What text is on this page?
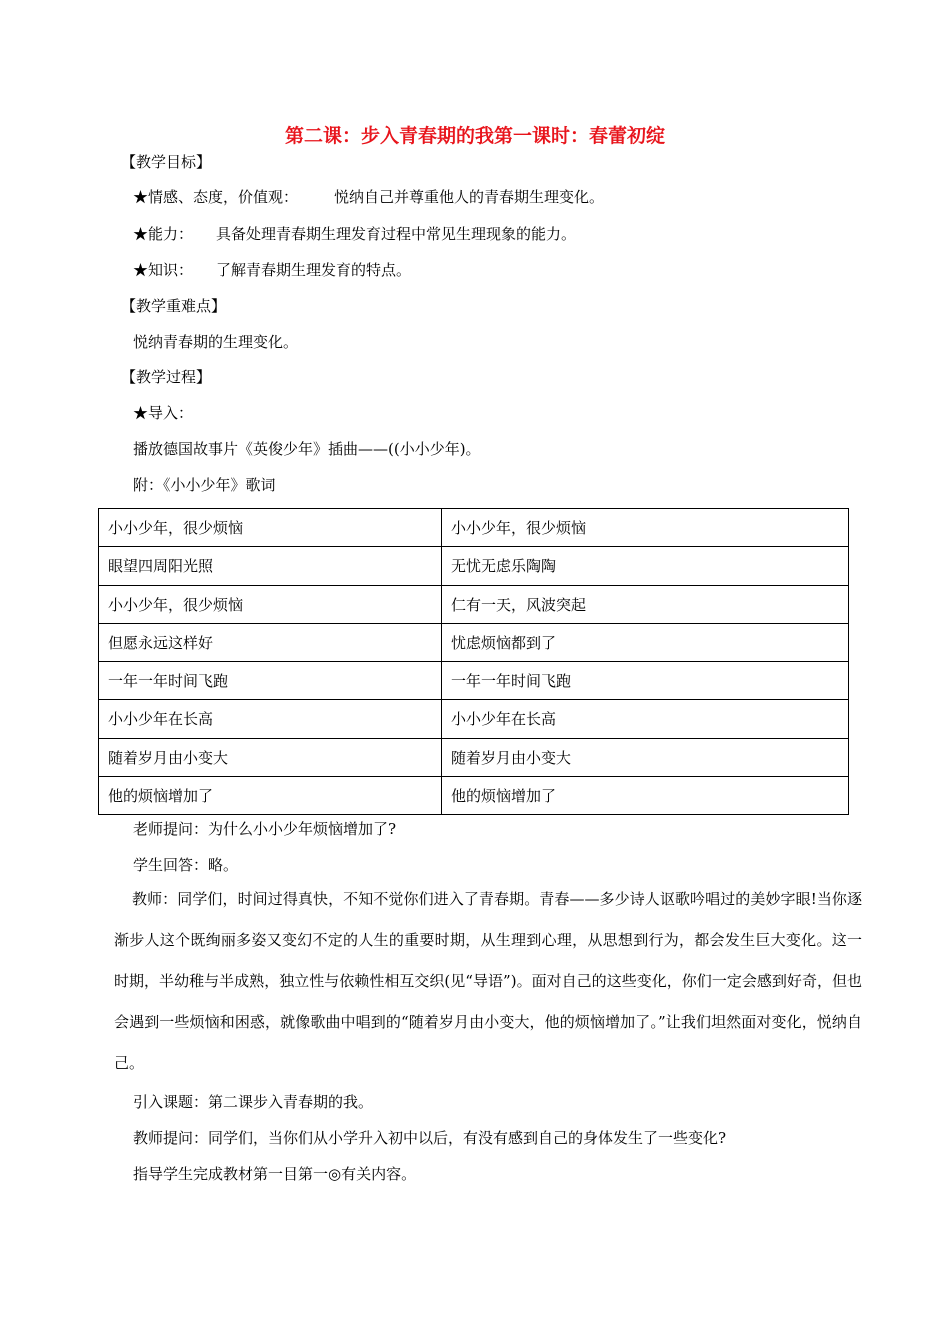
第二课：步入青春期的我第一课时：春蕾初绽
【教学目标】
★情感、态度，价值观： 悦纳自己并尊重他人的青春期生理变化。
★能力： 具备处理青春期生理发育过程中常见生理现象的能力。
★知识： 了解青春期生理发育的特点。
【教学重难点】
悦纳青春期的生理变化。
【教学过程】
★导入：
播放德国故事片《英俊少年》插曲——((小小少年)。
附：《小小少年》歌词
小小少年，很少烦恼	小小少年，很少烦恼
眼望四周阳光照	无忧无虑乐陶陶
小小少年，很少烦恼	仁有一天，风波突起
但愿永远这样好	忧虑烦恼都到了
一年一年时间飞跑	一年一年时间飞跑
小小少年在长高	小小少年在长高
随着岁月由小变大	随着岁月由小变大
他的烦恼增加了	他的烦恼增加了
老师提问：为什么小小少年烦恼增加了?
学生回答：略。

教师：同学们，时间过得真快，不知不觉你们进入了青春期。青春——多少诗人讴歌吟唱过的美妙字眼!当你逐渐步人这个既绚丽多姿又变幻不定的人生的重要时期，从生理到心理，从思想到行为，都会发生巨大变化。这一时期，半幼稚与半成熟，独立性与依赖性相互交织(见“导语”)。面对自己的这些变化，你们一定会感到好奇，但也会遇到一些烦恼和困惑，就像歌曲中唱到的“随着岁月由小变大，他的烦恼增加了。”让我们坦然面对变化，悦纳自己。

引入课题：第二课步入青春期的我。
教师提问：同学们，当你们从小学升入初中以后，有没有感到自己的身体发生了一些变化?
指导学生完成教材第一目第一◎有关内容。
